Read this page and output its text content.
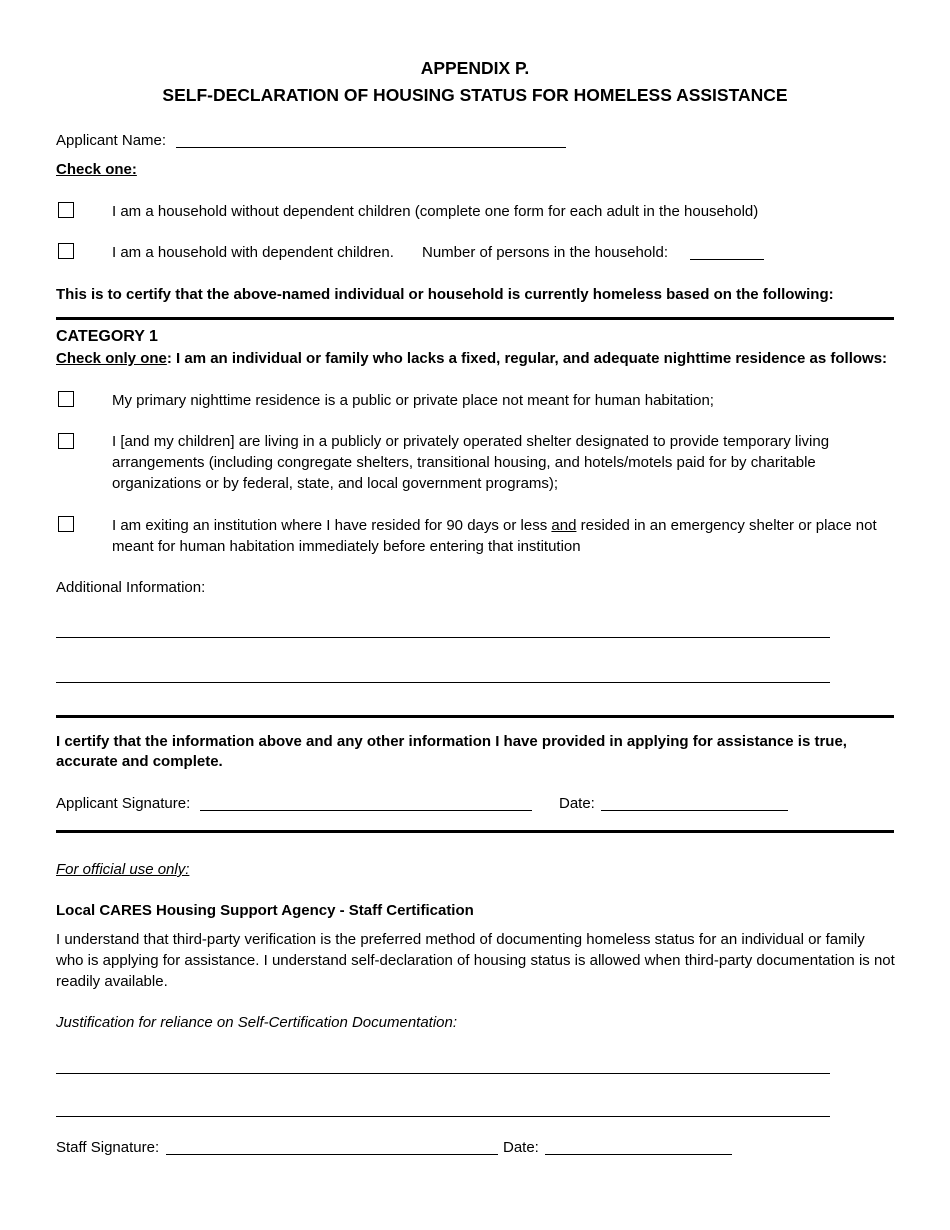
APPENDIX P.
SELF-DECLARATION OF HOUSING STATUS FOR HOMELESS ASSISTANCE
Applicant Name:
Check one:
I am a household without dependent children (complete one form for each adult in the household)
I am a household with dependent children. Number of persons in the household:
This is to certify that the above-named individual or household is currently homeless based on the following:
CATEGORY 1
Check only one: I am an individual or family who lacks a fixed, regular, and adequate nighttime residence as follows:
My primary nighttime residence is a public or private place not meant for human habitation;
I [and my children] are living in a publicly or privately operated shelter designated to provide temporary living arrangements (including congregate shelters, transitional housing, and hotels/motels paid for by charitable organizations or by federal, state, and local government programs);
I am exiting an institution where I have resided for 90 days or less and resided in an emergency shelter or place not meant for human habitation immediately before entering that institution
Additional Information:
I certify that the information above and any other information I have provided in applying for assistance is true, accurate and complete.
Applicant Signature:	Date:
For official use only:
Local CARES Housing Support Agency - Staff Certification
I understand that third-party verification is the preferred method of documenting homeless status for an individual or family who is applying for assistance. I understand self-declaration of housing status is allowed when third-party documentation is not readily available.
Justification for reliance on Self-Certification Documentation:
Staff Signature:	Date:
